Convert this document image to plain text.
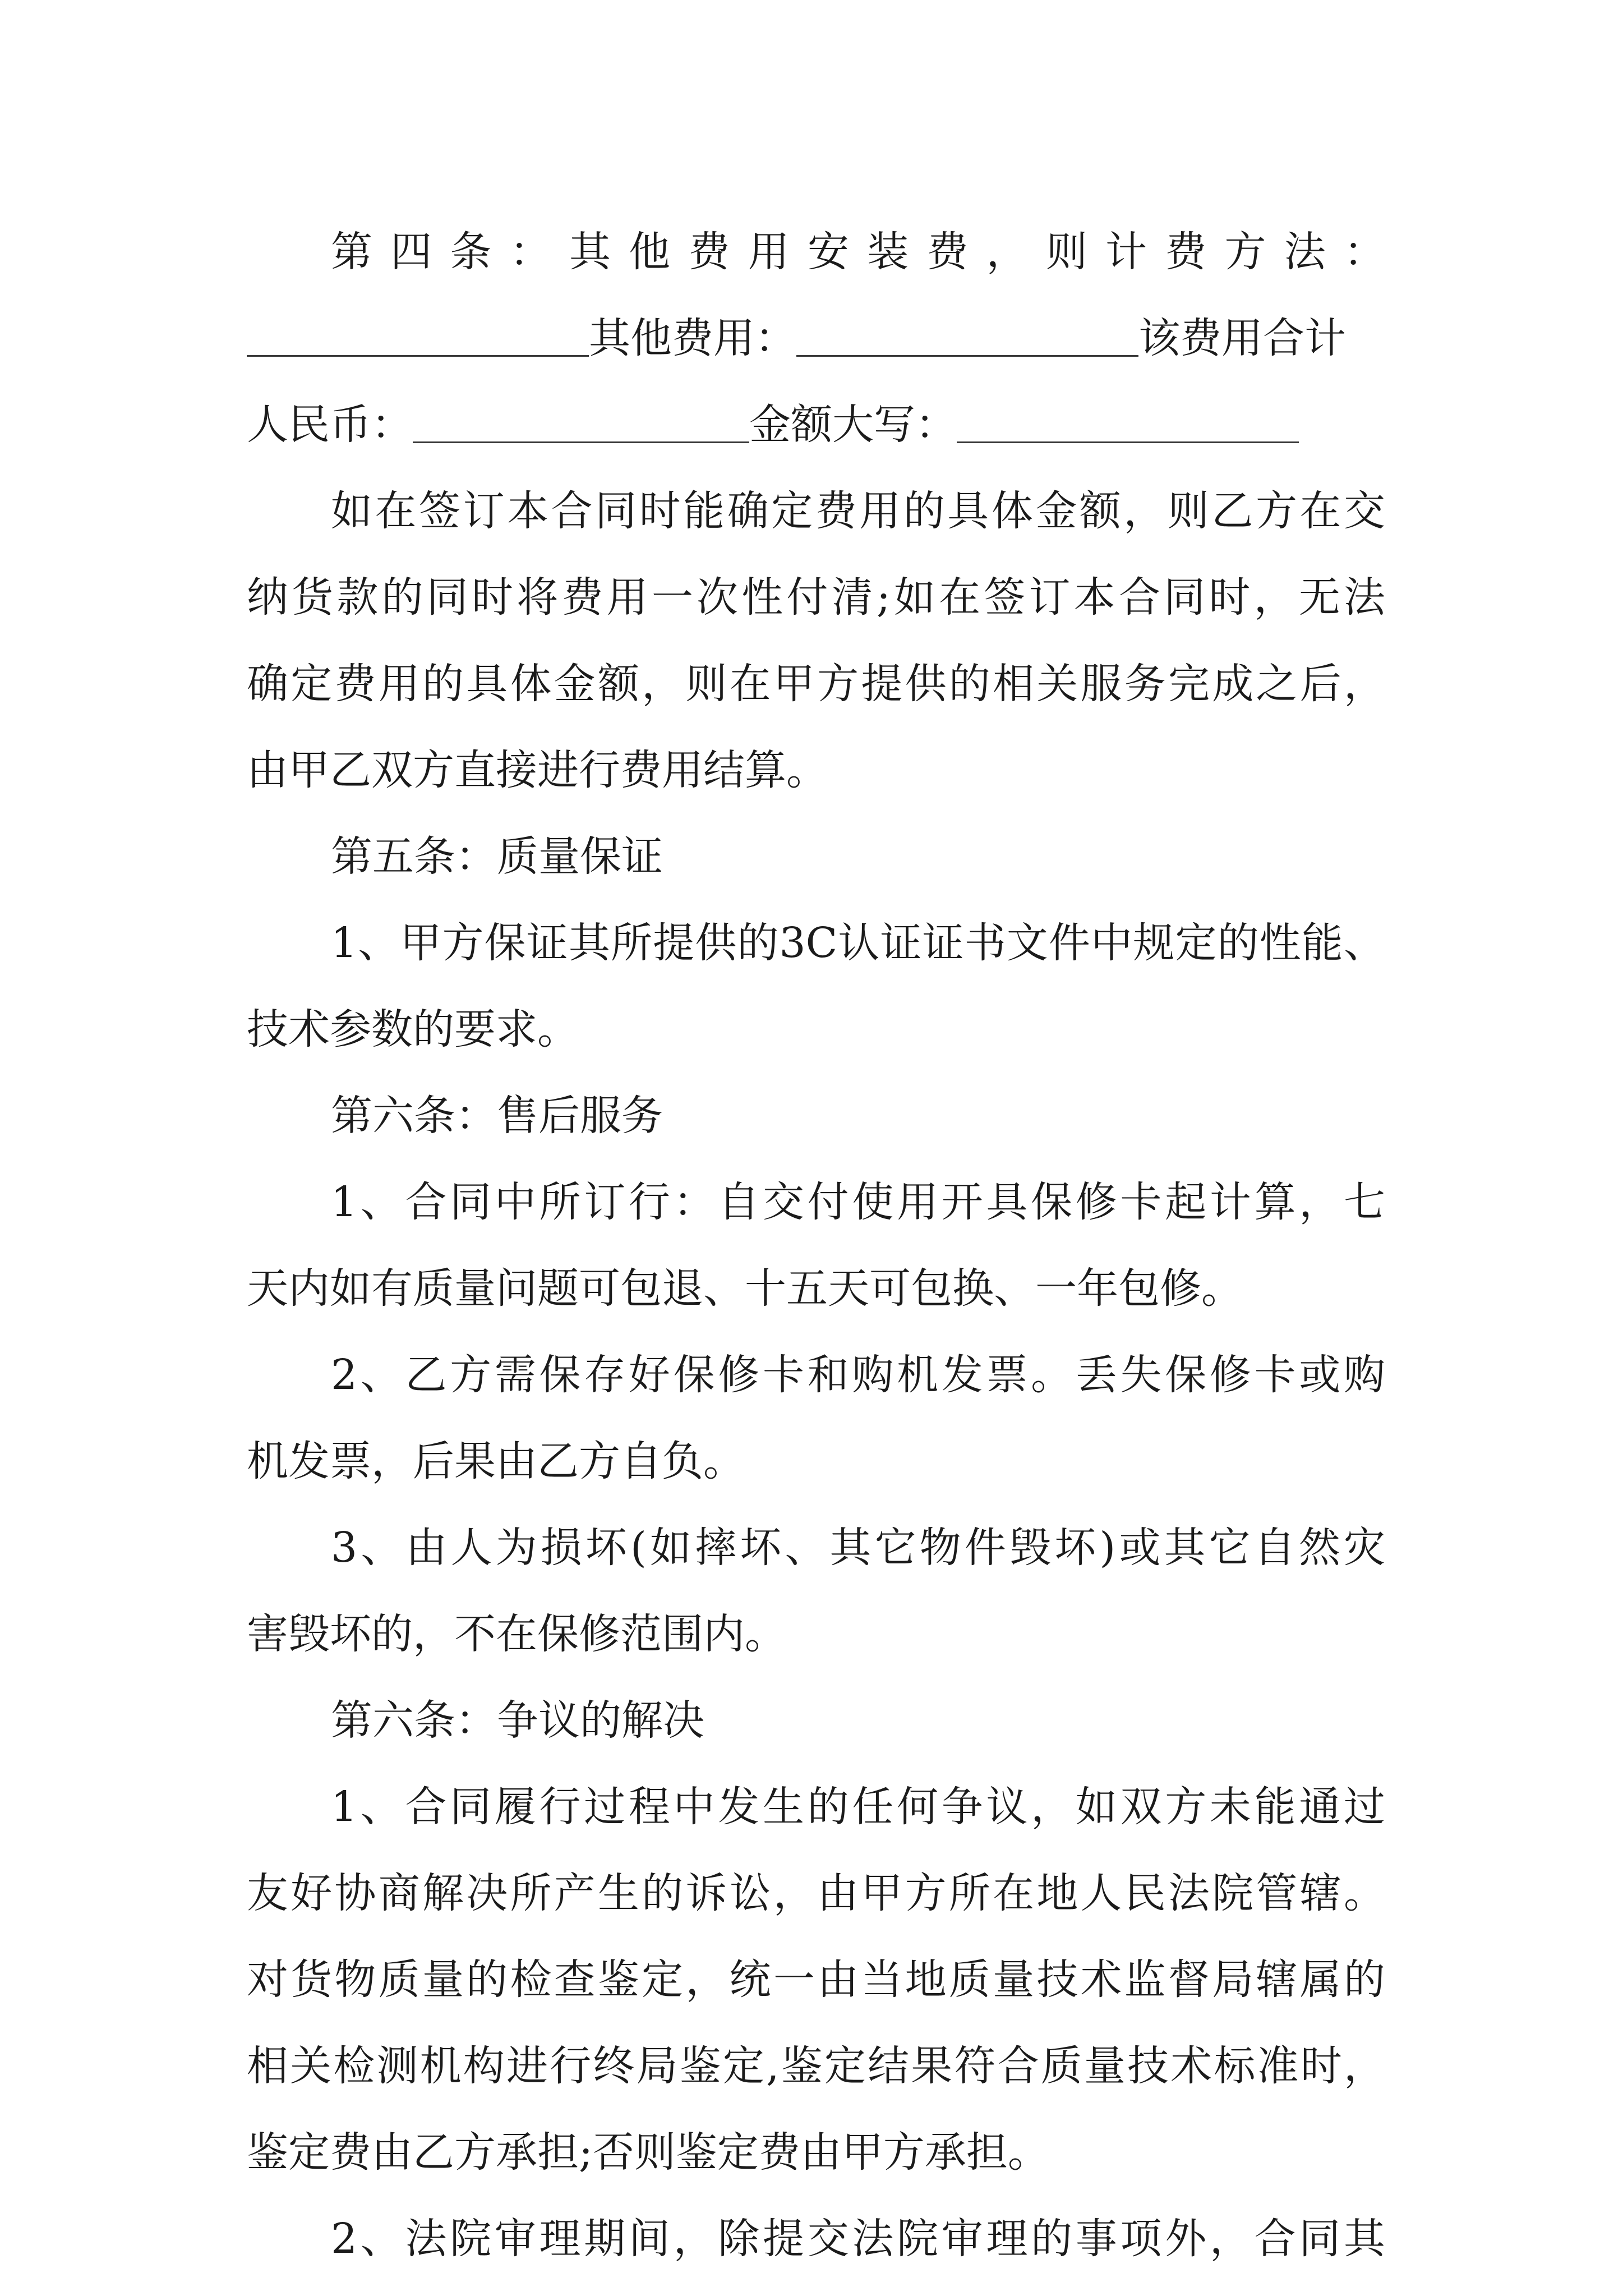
第四条：其他费用安装费，则计费方法：
其他费用：	该费用合计
人民币：	金额大写：
如在签订本合同时能确定费用的具体金额，则乙方在交
纳货款的同时将费用一次性付清;如在签订本合同时，无法
确定费用的具体金额，则在甲方提供的相关服务完成之后，
由甲乙双方直接进行费用结算。
第五条：质量保证
1、甲方保证其所提供的3C认证证书文件中规定的性能、
技术参数的要求。
第六条：售后服务
1、合同中所订行：自交付使用开具保修卡起计算，七
天内如有质量问题可包退、十五天可包换、一年包修。
2、乙方需保存好保修卡和购机发票。丢失保修卡或购
机发票，后果由乙方自负。
3、由人为损坏(如摔坏、其它物件毁坏)或其它自然灾
害毁坏的，不在保修范围内。
第六条：争议的解决
1、合同履行过程中发生的任何争议，如双方未能通过
友好协商解决所产生的诉讼，由甲方所在地人民法院管辖。
对货物质量的检查鉴定，统一由当地质量技术监督局辖属的
相关检测机构进行终局鉴定,鉴定结果符合质量技术标准时，
鉴定费由乙方承担;否则鉴定费由甲方承担。
2、法院审理期间，除提交法院审理的事项外，合同其
